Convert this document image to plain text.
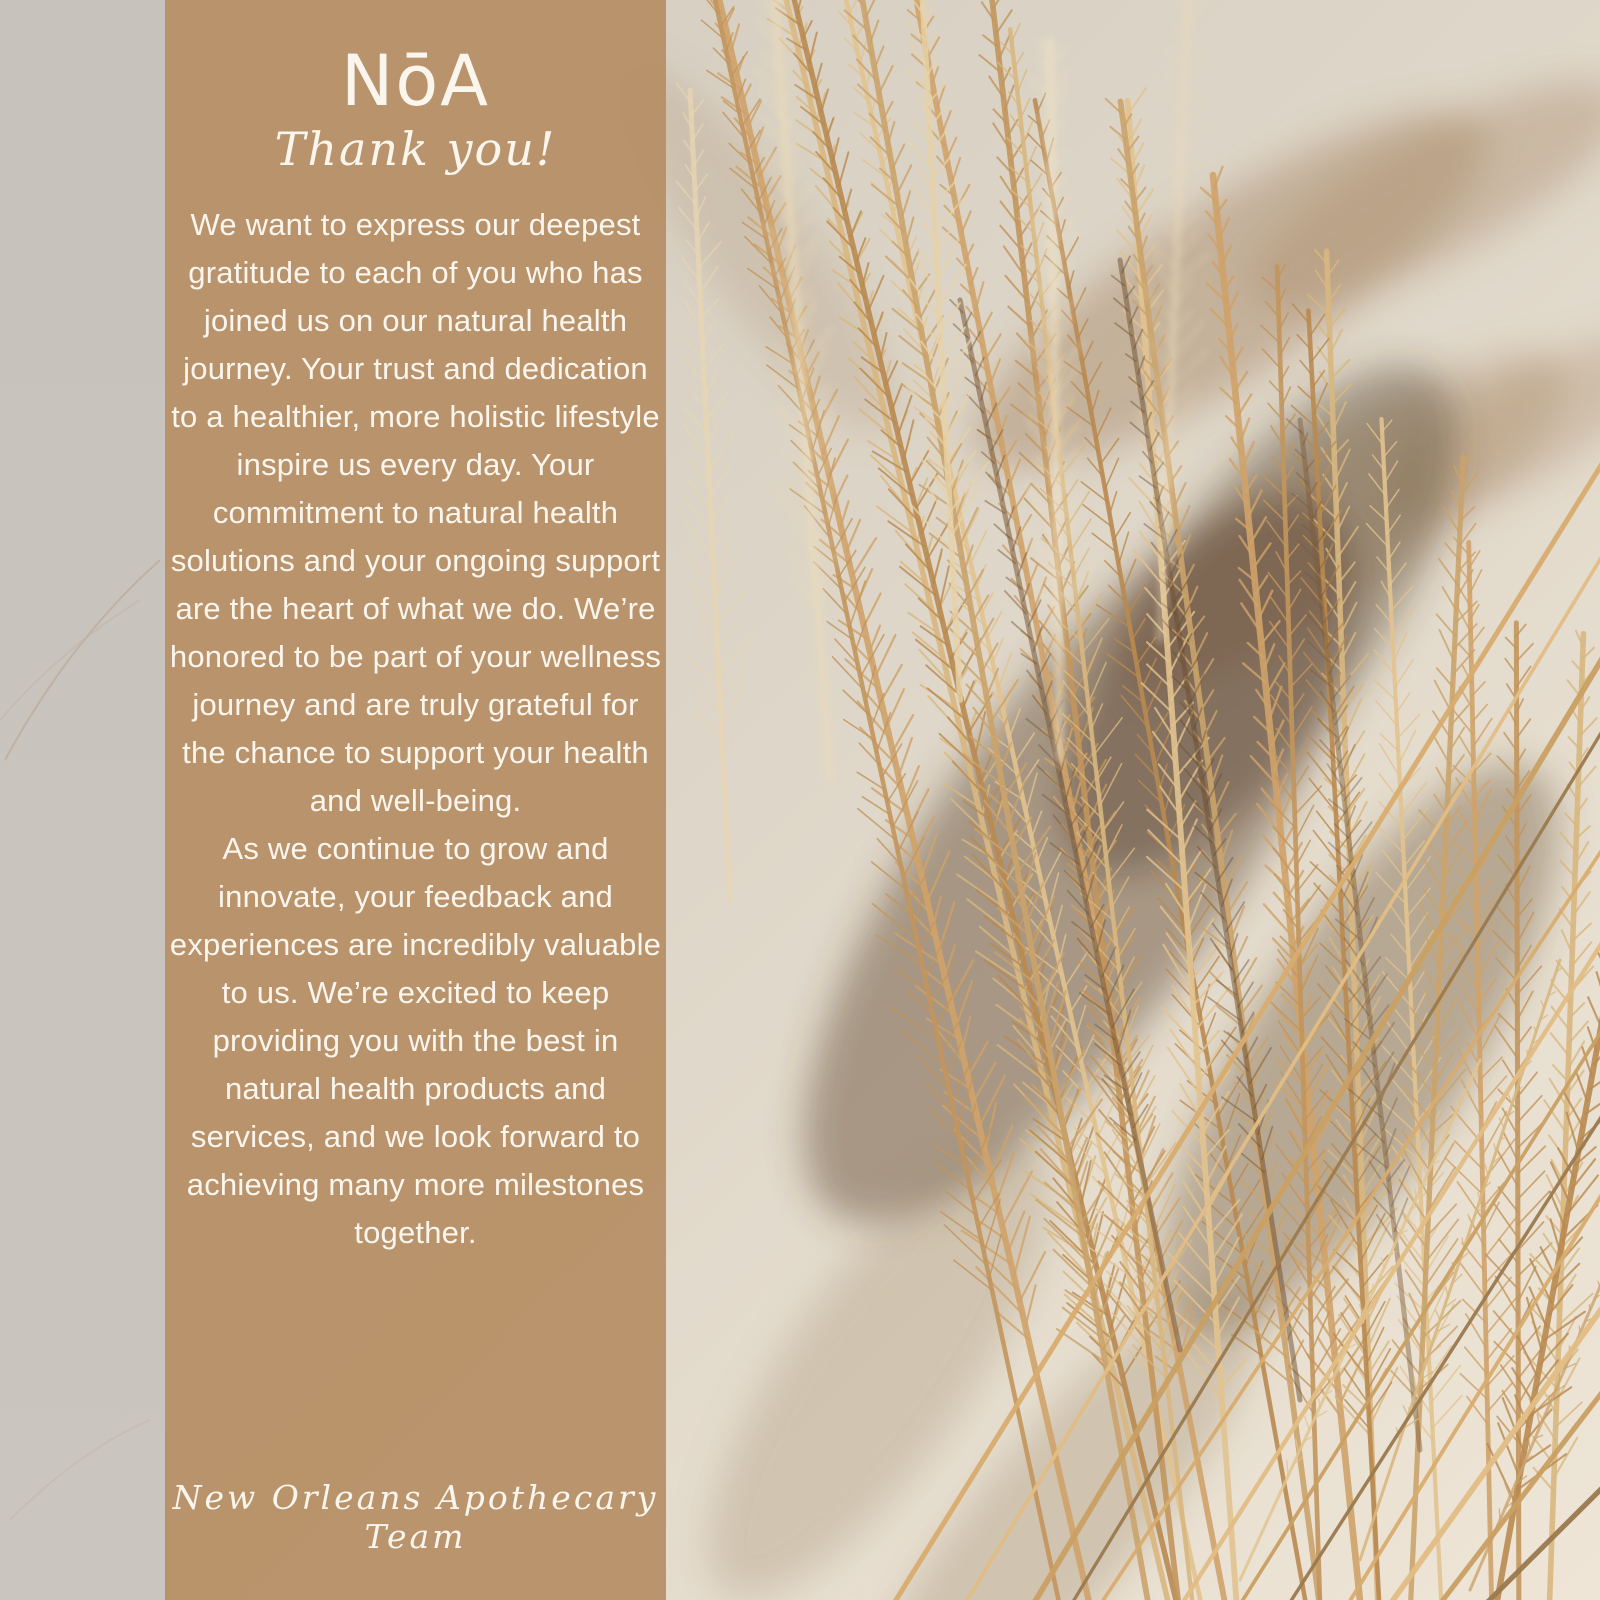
NōA
Thank you!

We want to express our deepest gratitude to each of you who has joined us on our natural health journey. Your trust and dedication to a healthier, more holistic lifestyle inspire us every day. Your commitment to natural health solutions and your ongoing support are the heart of what we do. We’re honored to be part of your wellness journey and are truly grateful for the chance to support your health and well-being.

As we continue to grow and innovate, your feedback and experiences are incredibly valuable to us. We’re excited to keep providing you with the best in natural health products and services, and we look forward to achieving many more milestones together.

New Orleans Apothecary Team
